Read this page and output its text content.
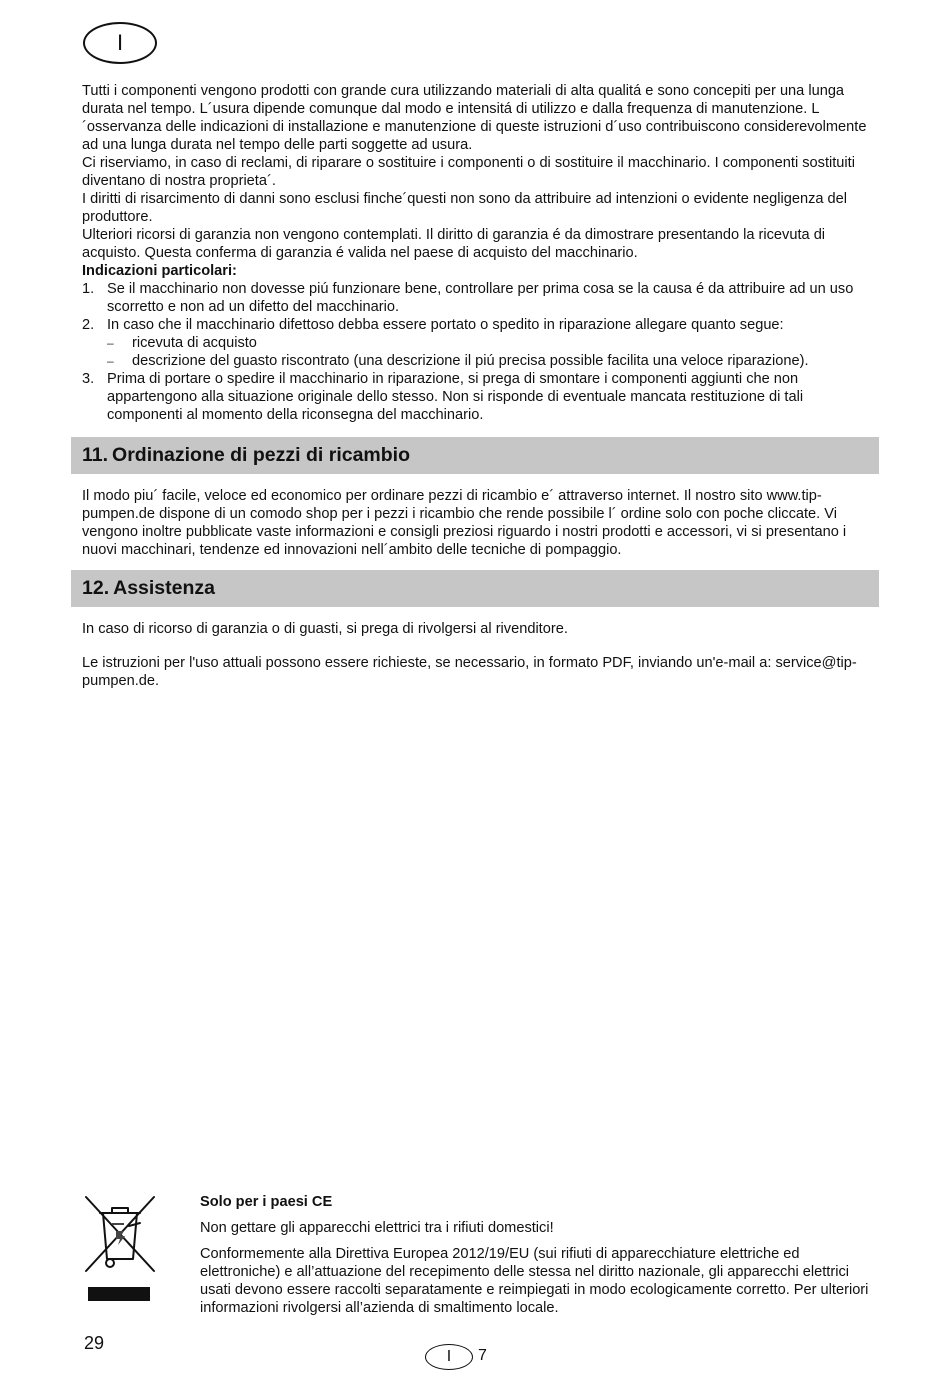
I

Tutti i componenti vengono prodotti con grande cura utilizzando materiali di alta qualitá e sono concepiti per una lunga durata nel tempo. L´usura dipende comunque dal modo e intensitá di utilizzo e dalla frequenza di manutenzione. L´osservanza delle indicazioni di installazione e manutenzione di queste istruzioni d´uso contribuiscono considerevolmente ad una lunga durata nel tempo delle parti soggette ad usura.

Ci riserviamo, in caso di reclami, di riparare o sostituire i componenti o di sostituire il macchinario. I componenti sostituiti diventano di nostra proprieta´.

I diritti di risarcimento di danni sono esclusi finche´questi non sono da attribuire ad intenzioni o evidente negligenza del produttore.

Ulteriori ricorsi di garanzia non vengono contemplati. Il diritto di garanzia é da dimostrare presentando la ricevuta di acquisto. Questa conferma di garanzia é valida nel paese di acquisto del macchinario.

Indicazioni particolari:

1. Se il macchinario non dovesse piú funzionare bene, controllare per prima cosa se la causa é da attribuire ad un uso scorretto e non ad un difetto del macchinario.
2. In caso che il macchinario difettoso debba essere portato o spedito in riparazione allegare quanto segue:
– ricevuta di acquisto
– descrizione del guasto riscontrato (una descrizione il piú precisa possible facilita una veloce riparazione).
3. Prima di portare o spedire il macchinario in riparazione, si prega di smontare i componenti aggiunti che non appartengono alla situazione originale dello stesso. Non si risponde di eventuale mancata restituzione di tali componenti al momento della riconsegna del macchinario.
11. Ordinazione di pezzi di ricambio

Il modo piu´ facile, veloce ed economico per ordinare pezzi di ricambio e´ attraverso internet. Il nostro sito www.tip-pumpen.de dispone di un comodo shop per i pezzi i ricambio che rende possibile l´ ordine solo con poche cliccate. Vi vengono inoltre pubblicate vaste informazioni e consigli preziosi riguardo i nostri prodotti e accessori, vi si presentano i nuovi macchinari, tendenze ed innovazioni nell´ambito delle tecniche di pompaggio.

12. Assistenza

In caso di ricorso di garanzia o di guasti, si prega di rivolgersi al rivenditore.

Le istruzioni per l'uso attuali possono essere richieste, se necessario, in formato PDF, inviando un'e-mail a: service@tip-pumpen.de.

Solo per i paesi CE

Non gettare gli apparecchi elettrici tra i rifiuti domestici!

Conformemente alla Direttiva Europea 2012/19/EU (sui rifiuti di apparecchiature elettriche ed elettroniche) e all’attuazione del recepimento delle stessa nel diritto nazionale, gli apparecchi elettrici usati devono essere raccolti separatamente e reimpiegati in modo ecologicamente corretto. Per ulteriori informazioni rivolgersi all’azienda di smaltimento locale.

29
I 7
